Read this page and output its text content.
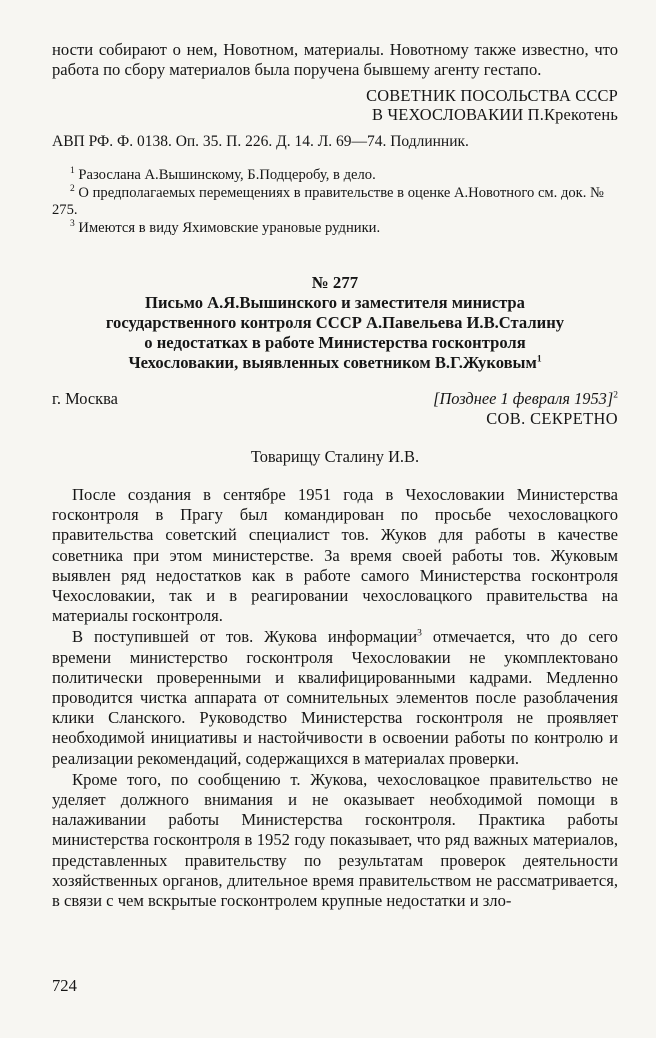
ности собирают о нем, Новотном, материалы. Новотному также известно, что работа по сбору материалов была поручена бывшему агенту гестапо.

СОВЕТНИК ПОСОЛЬСТВА СССР
В ЧЕХОСЛОВАКИИ П.Крекотень
АВП РФ. Ф. 0138. Оп. 35. П. 226. Д. 14. Л. 69—74. Подлинник.

$^1$ Разослана А.Вышинскому, Б.Подцеробу, в дело.

$^2$ О предполагаемых перемещениях в правительстве в оценке А.Новотного см. док. № 275.

$^3$ Имеются в виду Яхимовские урановые рудники.

№ 277

Письмо А.Я.Вышинского и заместителя министра

государственного контроля СССР А.Павельева И.В.Сталину

о недостатках в работе Министерства госконтроля

Чехословакии, выявленных советником В.Г.Жуковым$^1$

г. Москва	[Позднее 1 февраля 1953]$^2$
СОВ. СЕКРЕТНО
Товарищу Сталину И.В.

После создания в сентябре 1951 года в Чехословакии Министерства госконтроля в Прагу был командирован по просьбе чехословацкого правительства советский специалист тов. Жуков для работы в качестве советника при этом министерстве. За время своей работы тов. Жуковым выявлен ряд недостатков как в работе самого Министерства госконтроля Чехословакии, так и в реагировании чехословацкого правительства на материалы госконтроля.

В поступившей от тов. Жукова информации$^3$ отмечается, что до сего времени министерство госконтроля Чехословакии не укомплектовано политически проверенными и квалифицированными кадрами. Медленно проводится чистка аппарата от сомнительных элементов после разоблачения клики Сланского. Руководство Министерства госконтроля не проявляет необходимой инициативы и настойчивости в освоении работы по контролю и реализации рекомендаций, содержащихся в материалах проверки.

Кроме того, по сообщению т. Жукова, чехословацкое правительство не уделяет должного внимания и не оказывает необходимой помощи в налаживании работы Министерства госконтроля. Практика работы министерства госконтроля в 1952 году показывает, что ряд важных материалов, представленных правительству по результатам проверок деятельности хозяйственных органов, длительное время правительством не рассматривается, в связи с чем вскрытые госконтролем крупные недостатки и зло-

724
